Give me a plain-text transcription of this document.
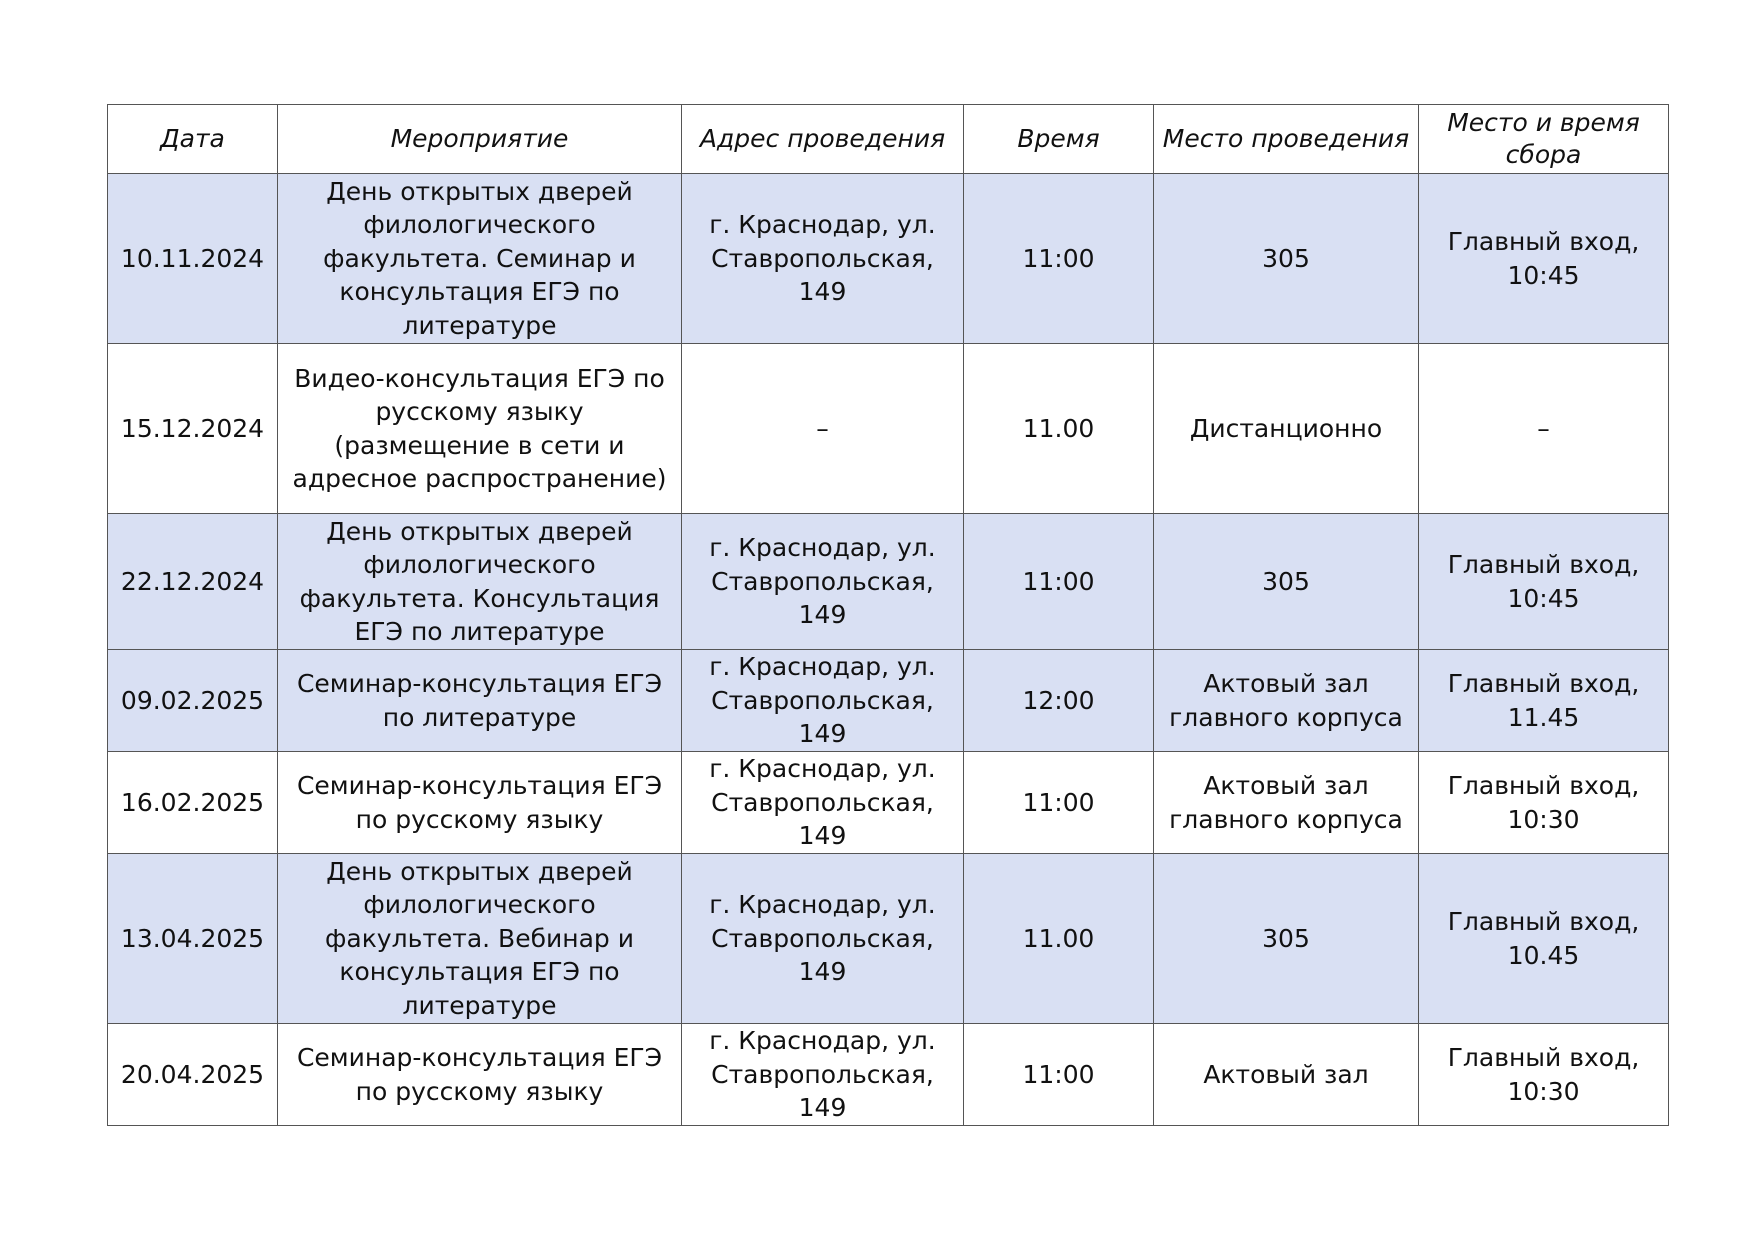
Дата	Мероприятие	Адрес проведения	Время	Место проведения	Место и время сбора
10.11.2024	День открытых дверей филологического факультета. Семинар и консультация ЕГЭ по литературе	г. Краснодар, ул. Ставропольская, 149	11:00	305	Главный вход, 10:45
15.12.2024	Видео-консультация ЕГЭ по русскому языку (размещение в сети и адресное распространение)	–	11.00	Дистанционно	–
22.12.2024	День открытых дверей филологического факультета. Консультация ЕГЭ по литературе	г. Краснодар, ул. Ставропольская, 149	11:00	305	Главный вход, 10:45
09.02.2025	Семинар-консультация ЕГЭ по литературе	г. Краснодар, ул. Ставропольская, 149	12:00	Актовый зал главного корпуса	Главный вход, 11.45
16.02.2025	Семинар-консультация ЕГЭ по русскому языку	г. Краснодар, ул. Ставропольская, 149	11:00	Актовый зал главного корпуса	Главный вход, 10:30
13.04.2025	День открытых дверей филологического факультета. Вебинар и консультация ЕГЭ по литературе	г. Краснодар, ул. Ставропольская, 149	11.00	305	Главный вход, 10.45
20.04.2025	Семинар-консультация ЕГЭ по русскому языку	г. Краснодар, ул. Ставропольская, 149	11:00	Актовый зал	Главный вход, 10:30
